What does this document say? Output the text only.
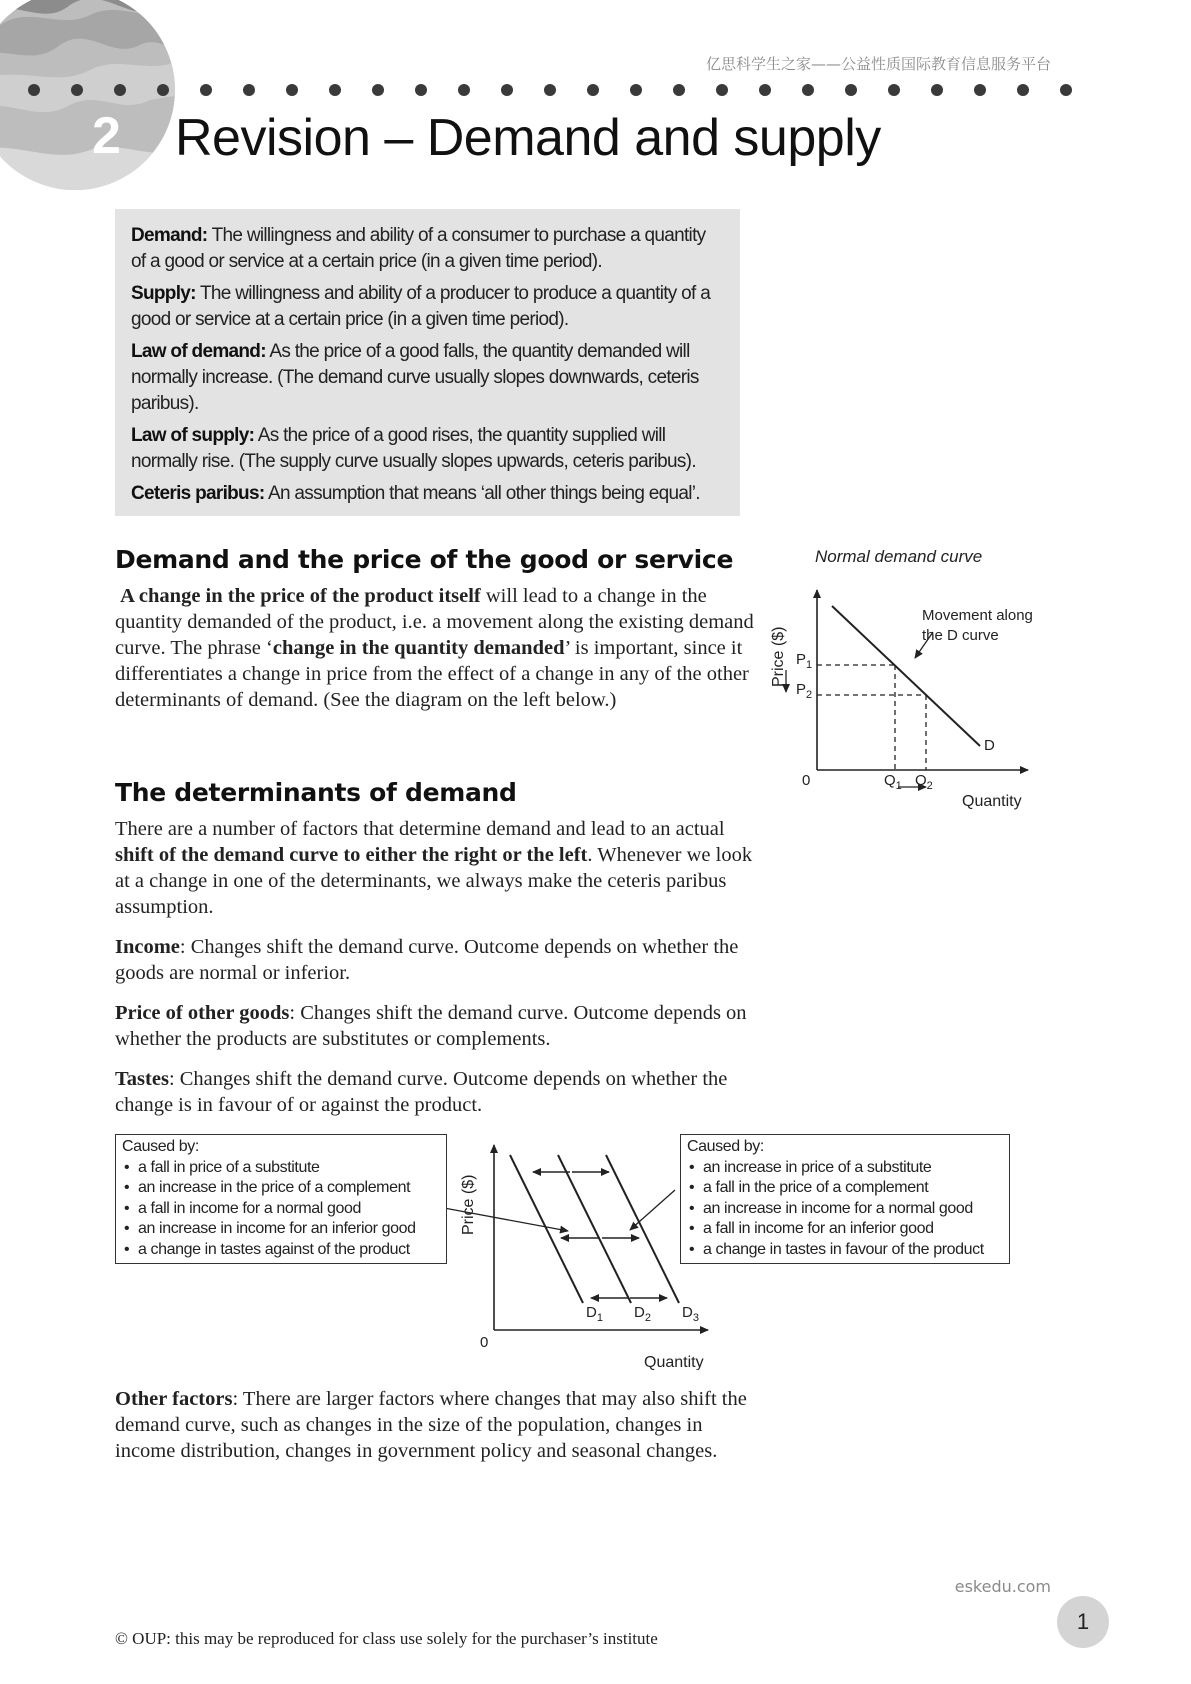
亿思科学生之家——公益性质国际教育信息服务平台
2 Revision – Demand and supply

Demand: The willingness and ability of a consumer to purchase a quantity of a good or service at a certain price (in a given time period).

Supply: The willingness and ability of a producer to produce a quantity of a good or service at a certain price (in a given time period).

Law of demand: As the price of a good falls, the quantity demanded will normally increase. (The demand curve usually slopes downwards, ceteris paribus).

Law of supply: As the price of a good rises, the quantity supplied will normally rise. (The supply curve usually slopes upwards, ceteris paribus).

Ceteris paribus: An assumption that means ‘all other things being equal’.

Demand and the price of the good or service

A change in the price of the product itself will lead to a change in the quantity demanded of the product, i.e. a movement along the existing demand curve. The phrase ‘change in the quantity demanded’ is important, since it differentiates a change in price from the effect of a change in any of the other determinants of demand. (See the diagram on the left below.)

Normal demand curve
Price ($)
Movement along the D curve
$P_1$
$P_2$
$Q_1$ $Q_2$
D
0
Quantity
The determinants of demand

There are a number of factors that determine demand and lead to an actual shift of the demand curve to either the right or the left. Whenever we look at a change in one of the determinants, we always make the ceteris paribus assumption.

Income: Changes shift the demand curve. Outcome depends on whether the goods are normal or inferior.

Price of other goods: Changes shift the demand curve. Outcome depends on whether the products are substitutes or complements.

Tastes: Changes shift the demand curve. Outcome depends on whether the change is in favour of or against the product.

Price ($)
$D_1$ $D_2$ $D_3$
0
Quantity
Caused by:
• a fall in price of a substitute
• an increase in the price of a complement
• a fall in income for a normal good
• an increase in income for an inferior good
• a change in tastes against of the product
Caused by:
• an increase in price of a substitute
• a fall in the price of a complement
• an increase in income for a normal good
• a fall in income for an inferior good
• a change in tastes in favour of the product

Other factors: There are larger factors where changes that may also shift the demand curve, such as changes in the size of the population, changes in income distribution, changes in government policy and seasonal changes.

eskedu.com
1
© OUP: this may be reproduced for class use solely for the purchaser’s institute
